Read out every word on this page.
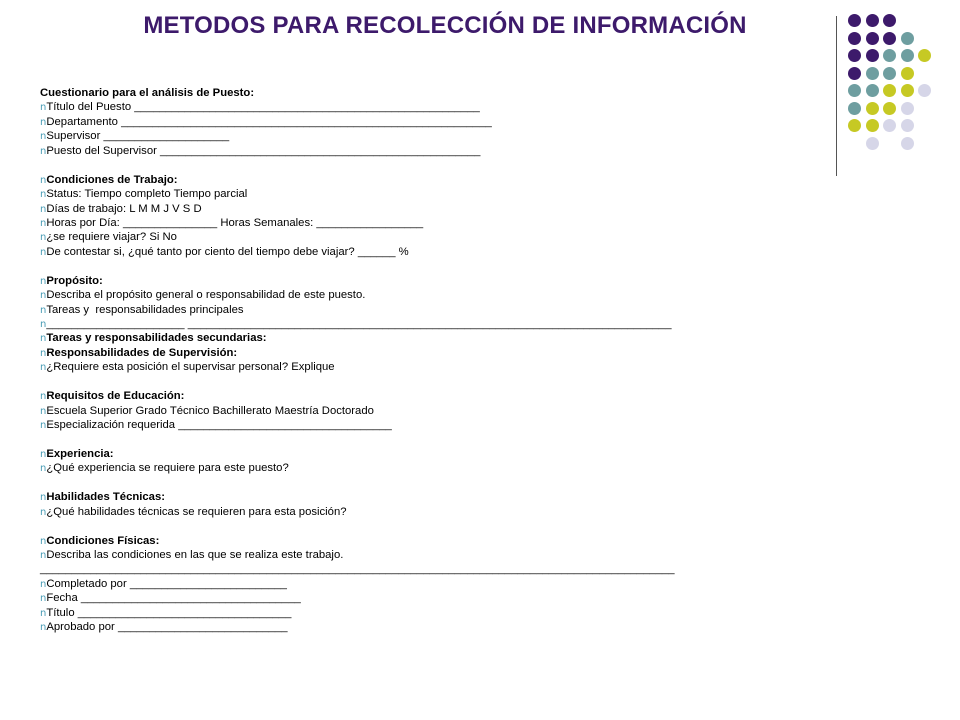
METODOS PARA RECOLECCIÓN DE INFORMACIÓN
Cuestionario para el análisis de Puesto:
nTítulo del Puesto _______________________________________________________
nDepartamento ___________________________________________________________
nSupervisor ____________________
nPuesto del Supervisor ___________________________________________________
nCondiciones de Trabajo:
nStatus: Tiempo completo Tiempo parcial
nDías de trabajo: L M M J V S D
nHoras por Día: _______________ Horas Semanales: _________________
n¿se requiere viajar? Si No
nDe contestar si, ¿qué tanto por ciento del tiempo debe viajar? ______ %
nPropósito:
nDescriba el propósito general o responsabilidad de este puesto.
nTareas y  responsabilidades principales
n______________________ _____________________________________________________________________________
nTareas y responsabilidades secundarias:
nResponsabilidades de Supervisión:
n¿Requiere esta posición el supervisar personal? Explique
nRequisitos de Educación:
nEscuela Superior Grado Técnico Bachillerato Maestría Doctorado
nEspecialización requerida __________________________________
nExperiencia:
n¿Qué experiencia se requiere para este puesto?
nHabilidades Técnicas:
n¿Qué habilidades técnicas se requieren para esta posición?
nCondiciones Físicas:
nDescriba las condiciones en las que se realiza este trabajo.
_____________________________________________________________________________________________________
nCompletado por _________________________
nFecha ___________________________________
nTítulo __________________________________
nAprobado por ___________________________
